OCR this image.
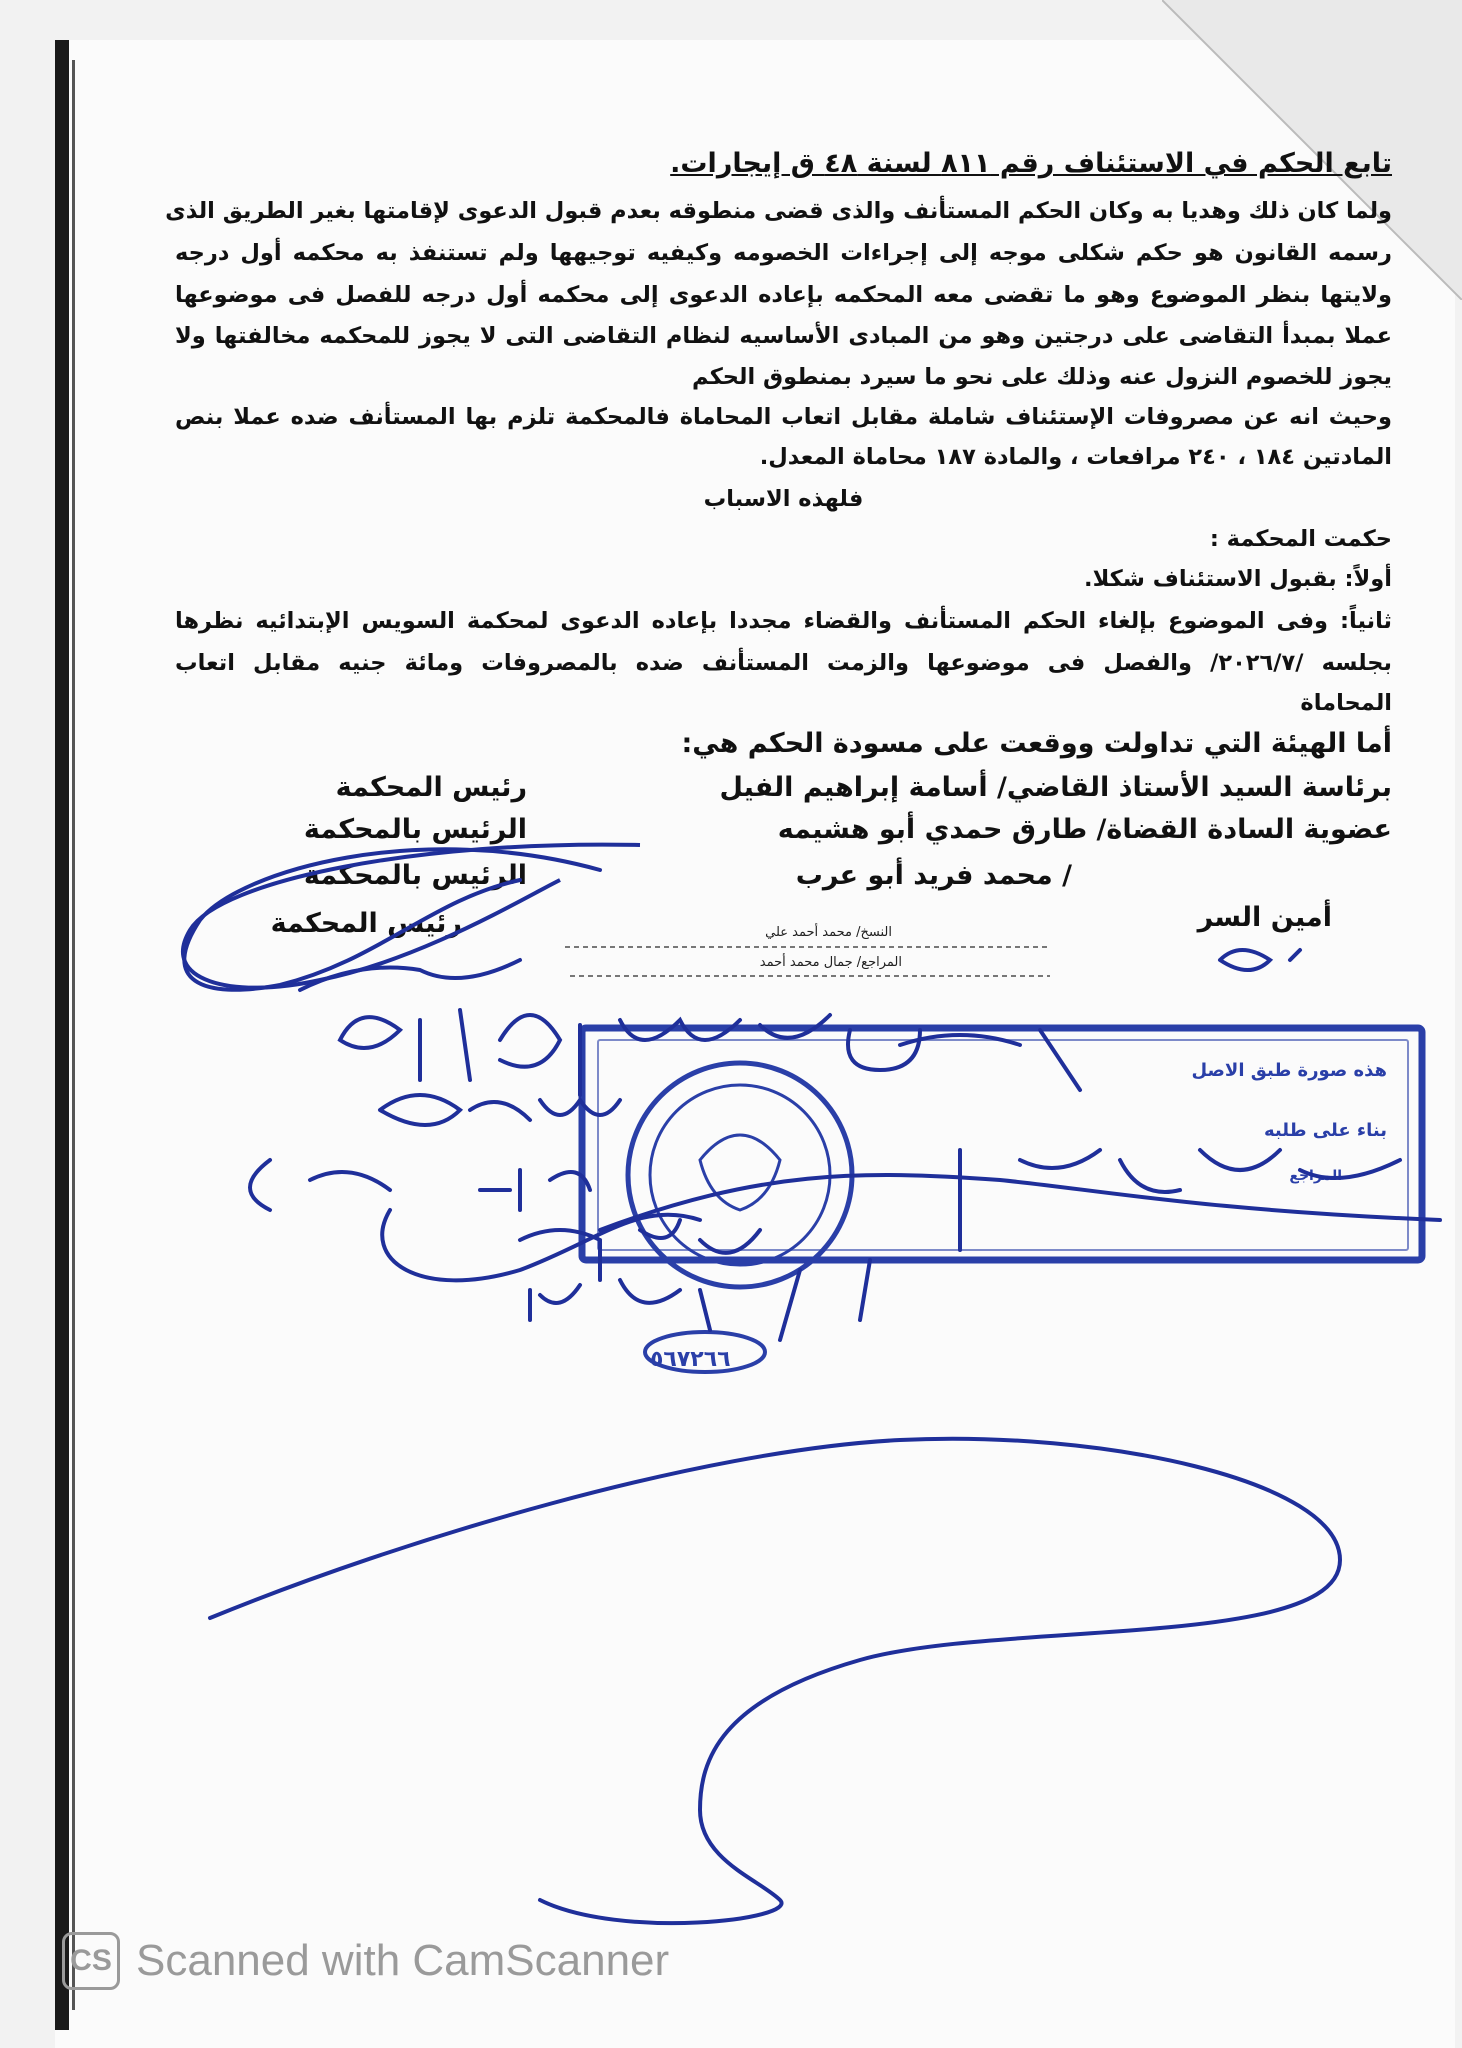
تابع الحكم في الاستئناف رقم ٨١١ لسنة ٤٨ ق إيجارات.
ولما كان ذلك وهديا به وكان الحكم المستأنف والذى قضى منطوقه بعدم قبول الدعوى لإقامتها بغير الطريق الذى
رسمه القانون هو حكم شكلى موجه إلى إجراءات الخصومه وكيفيه توجيهها ولم تستنفذ به محكمه أول درجه
ولايتها بنظر الموضوع وهو ما تقضى معه المحكمه بإعاده الدعوى إلى محكمه أول درجه للفصل فى موضوعها
عملا بمبدأ التقاضى على درجتين وهو من المبادى الأساسيه لنظام التقاضى التى لا يجوز للمحكمه مخالفتها ولا
يجوز للخصوم النزول عنه وذلك على نحو ما سيرد بمنطوق الحكم
وحيث انه عن مصروفات الإستئناف شاملة مقابل اتعاب المحاماة فالمحكمة تلزم بها المستأنف ضده عملا بنص
المادتين ١٨٤ ، ٢٤٠ مرافعات ، والمادة ١٨٧ محاماة المعدل.
فلهذه الاسباب
حكمت المحكمة :
أولاً: بقبول الاستئناف شكلا.
ثانياً: وفى الموضوع بإلغاء الحكم المستأنف والقضاء مجددا بإعاده الدعوى لمحكمة السويس الإبتدائيه نظرها
بجلسه /٢٠٢٦/٧/ والفصل فى موضوعها والزمت المستأنف ضده بالمصروفات ومائة جنيه مقابل اتعاب
المحاماة
أما الهيئة التي تداولت ووقعت على مسودة الحكم هي:
برئاسة السيد الأستاذ القاضي/ أسامة إبراهيم الفيل
رئيس المحكمة
عضوية السادة القضاة/ طارق حمدي أبو هشيمه
الرئيس بالمحكمة
/ محمد فريد أبو عرب
الرئيس بالمحكمة
رئيس المحكمة	أمين السر
النسخ/ محمد أحمد علي
المراجع/ جمال محمد أحمد
هذه صورة طبق الاصل
بناء على طلبه
المراجع
٥٦٧٢٦٦
CS Scanned with CamScanner
